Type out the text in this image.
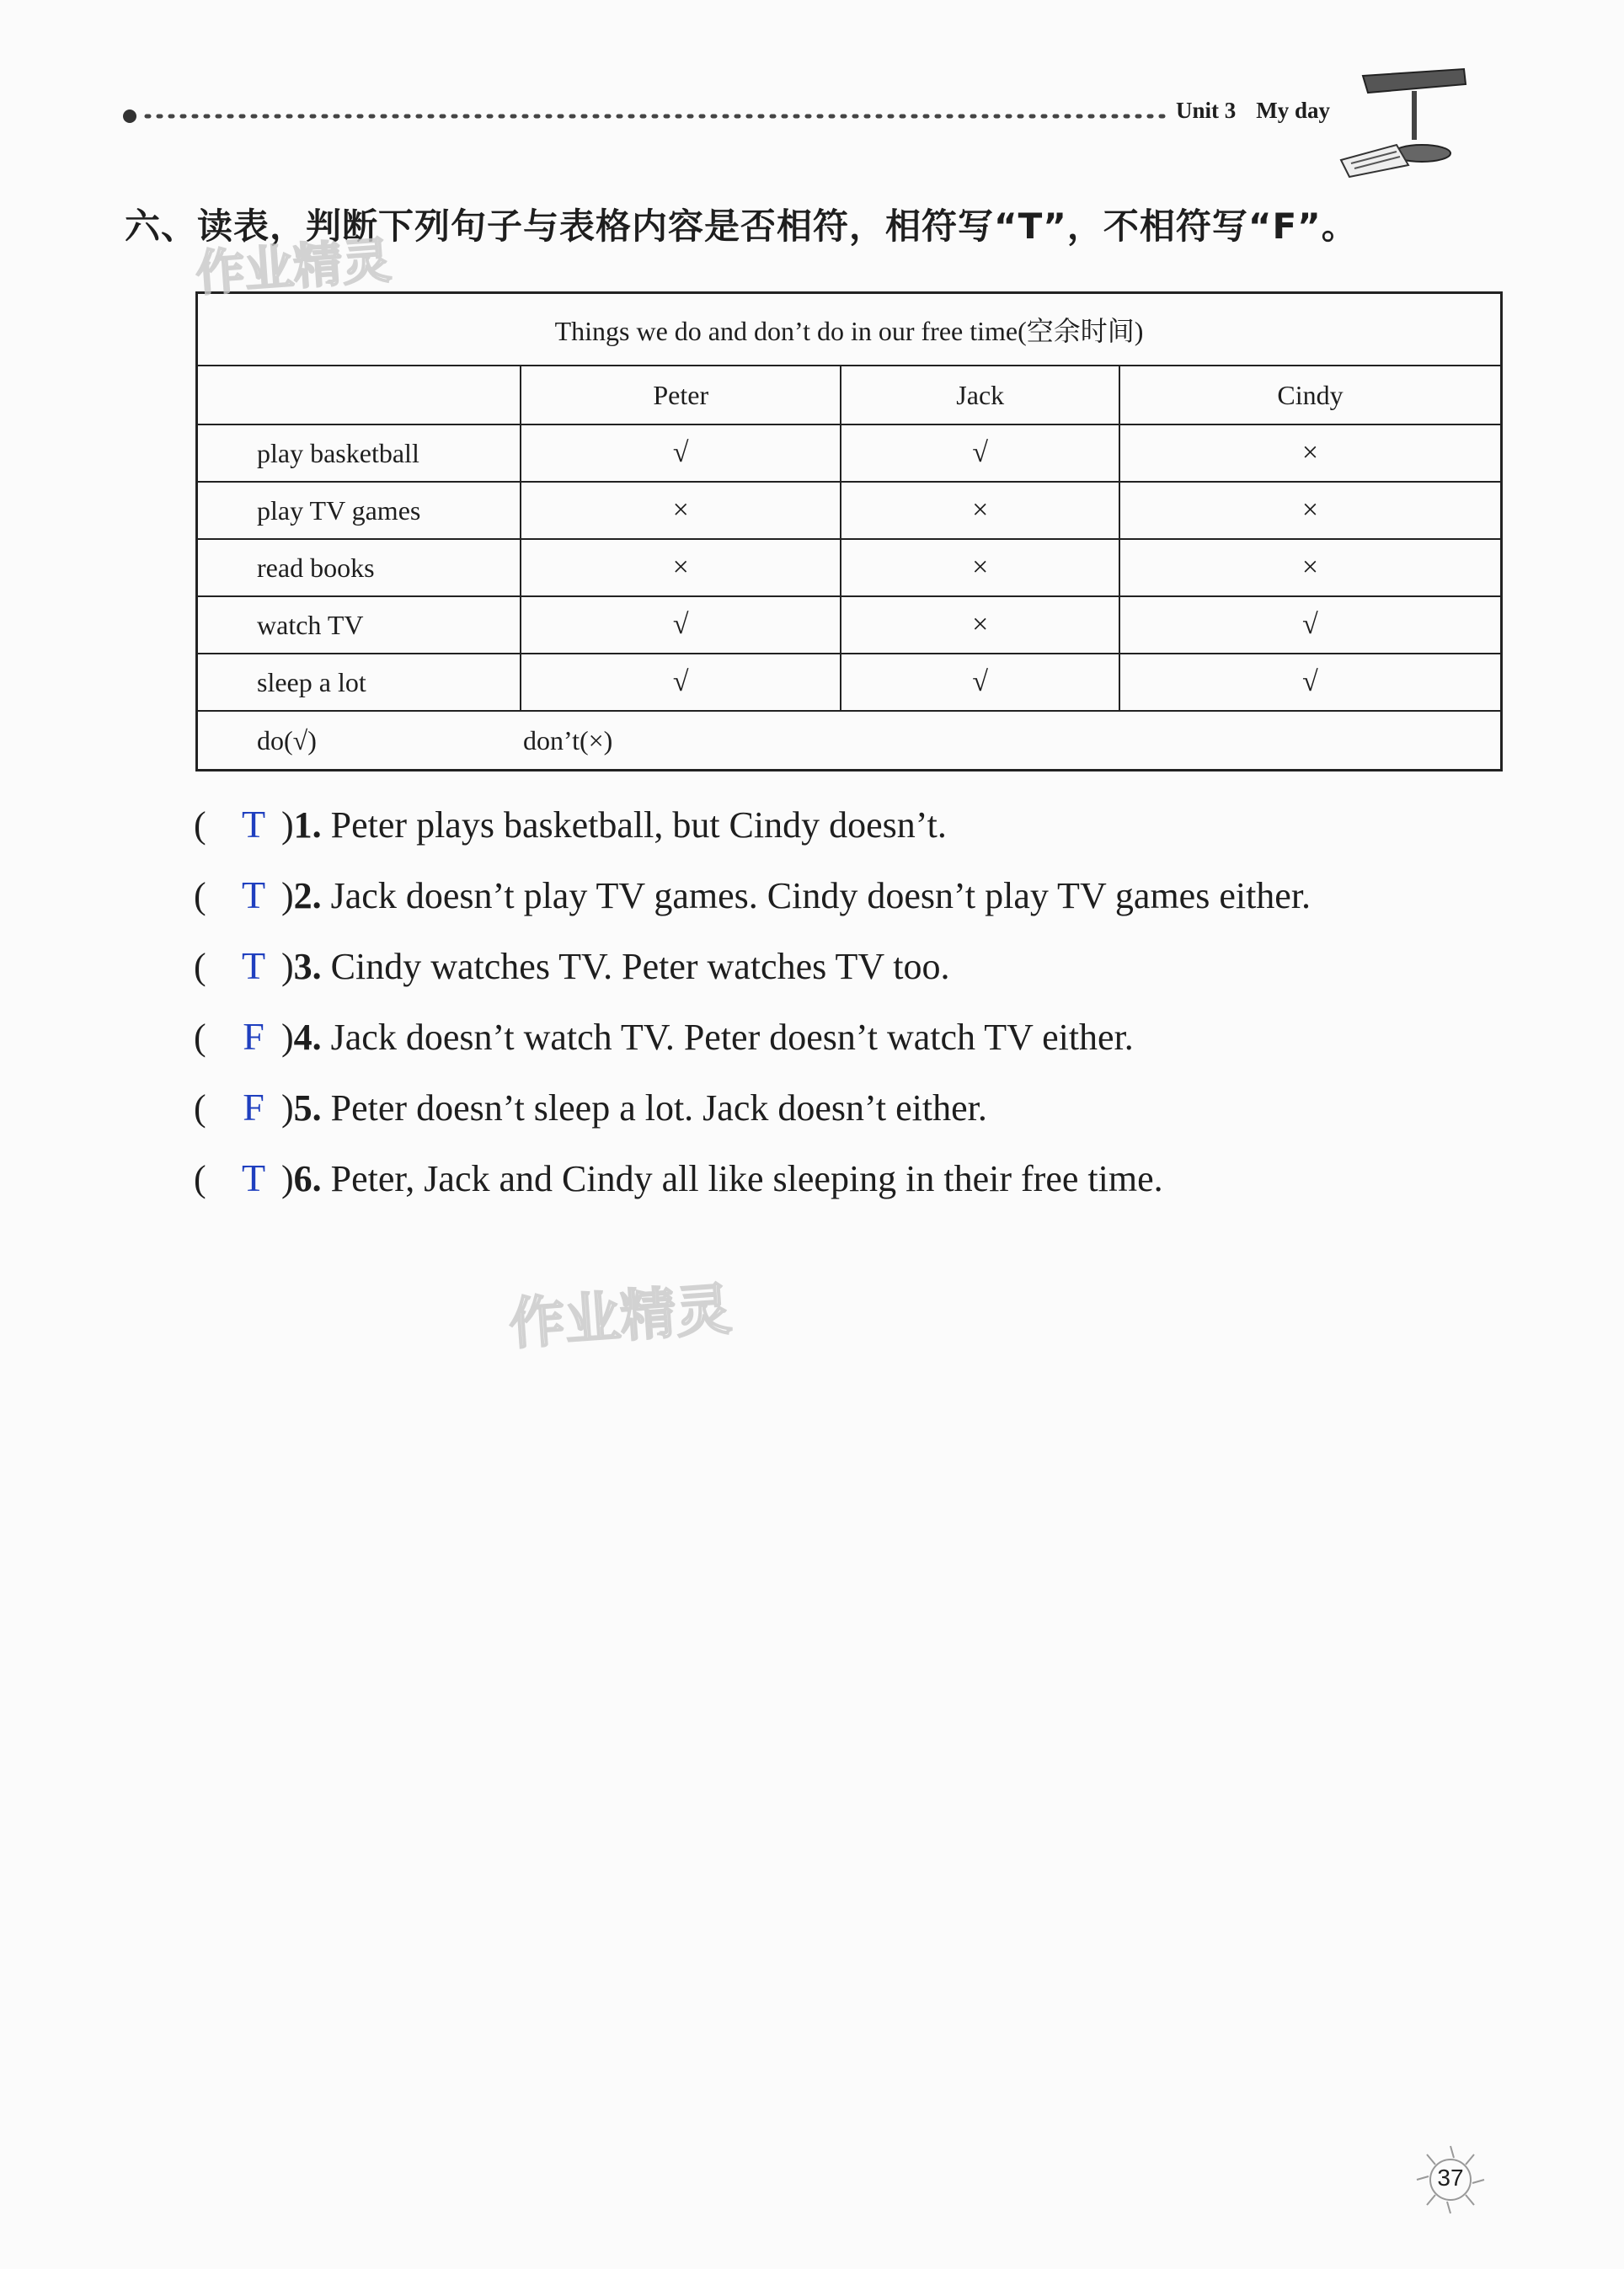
Unit 3 My day
六、读表，判断下列句子与表格内容是否相符，相符写“T”，不相符写“F”。
Things we do and don’t do in our free time(空余时间)			
	Peter	Jack	Cindy
play basketball	√	√	×
play TV games	×	×	×
read books	×	×	×
watch TV	√	×	√
sleep a lot	√	√	√
do(√) don’t(×)			
( T )1. Peter plays basketball, but Cindy doesn’t.
( T )2. Jack doesn’t play TV games. Cindy doesn’t play TV games either.
( T )3. Cindy watches TV. Peter watches TV too.
( F )4. Jack doesn’t watch TV. Peter doesn’t watch TV either.
( F )5. Peter doesn’t sleep a lot. Jack doesn’t either.
( T )6. Peter, Jack and Cindy all like sleeping in their free time.
作业精灵
作业精灵
37
